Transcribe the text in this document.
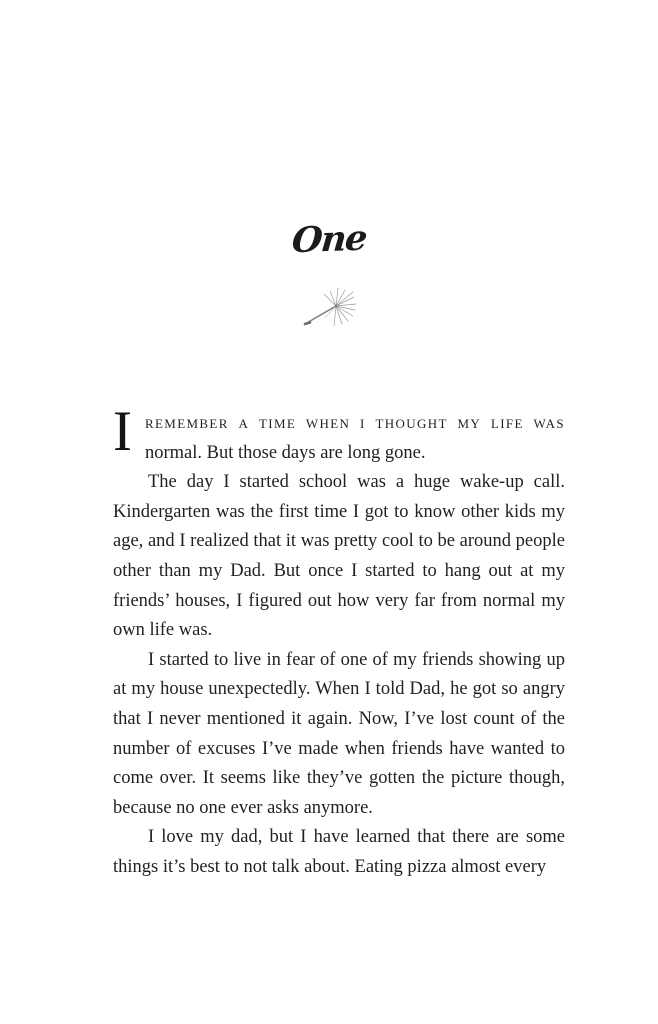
One

Iremember a time when i thought my life was normal. But those days are long gone.

The day I started school was a huge wake-up call. Kindergarten was the first time I got to know other kids my age, and I realized that it was pretty cool to be around people other than my Dad. But once I started to hang out at my friends’ houses, I figured out how very far from normal my own life was.

I started to live in fear of one of my friends showing up at my house unexpectedly. When I told Dad, he got so angry that I never mentioned it again. Now, I’ve lost count of the number of excuses I’ve made when friends have wanted to come over. It seems like they’ve gotten the picture though, because no one ever asks anymore.

I love my dad, but I have learned that there are some things it’s best to not talk about. Eating pizza almost every
